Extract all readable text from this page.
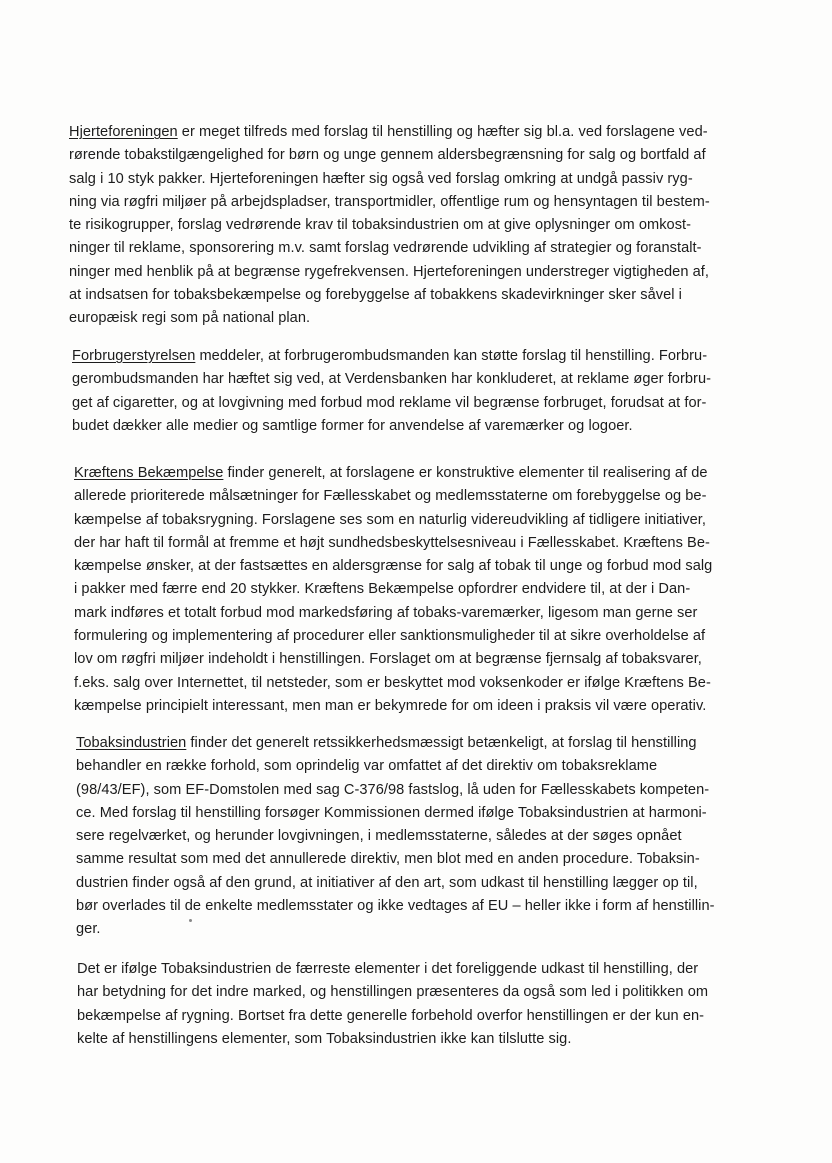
Hjerteforeningen er meget tilfreds med forslag til henstilling og hæfter sig bl.a. ved forslagene ved-
rørende tobakstilgængelighed for børn og unge gennem aldersbegrænsning for salg og bortfald af
salg i 10 styk pakker. Hjerteforeningen hæfter sig også ved forslag omkring at undgå passiv ryg-
ning via røgfri miljøer på arbejdspladser, transportmidler, offentlige rum og hensyntagen til bestem-
te risikogrupper, forslag vedrørende krav til tobaksindustrien om at give oplysninger om omkost-
ninger til reklame, sponsorering m.v. samt forslag vedrørende udvikling af strategier og foranstalt-
ninger med henblik på at begrænse rygefrekvensen. Hjerteforeningen understreger vigtigheden af,
at indsatsen for tobaksbekæmpelse og forebyggelse af tobakkens skadevirkninger sker såvel i
europæisk regi som på national plan.
Forbrugerstyrelsen meddeler, at forbrugerombudsmanden kan støtte forslag til henstilling. Forbru-
gerombudsmanden har hæftet sig ved, at Verdensbanken har konkluderet, at reklame øger forbru-
get af cigaretter, og at lovgivning med forbud mod reklame vil begrænse forbruget, forudsat at for-
budet dækker alle medier og samtlige former for anvendelse af varemærker og logoer.
Kræftens Bekæmpelse finder generelt, at forslagene er konstruktive elementer til realisering af de
allerede prioriterede målsætninger for Fællesskabet og medlemsstaterne om forebyggelse og be-
kæmpelse af tobaksrygning. Forslagene ses som en naturlig videreudvikling af tidligere initiativer,
der har haft til formål at fremme et højt sundhedsbeskyttelsesniveau i Fællesskabet. Kræftens Be-
kæmpelse ønsker, at der fastsættes en aldersgrænse for salg af tobak til unge og forbud mod salg
i pakker med færre end 20 stykker. Kræftens Bekæmpelse opfordrer endvidere til, at der i Dan-
mark indføres et totalt forbud mod markedsføring af tobaks-varemærker, ligesom man gerne ser
formulering og implementering af procedurer eller sanktionsmuligheder til at sikre overholdelse af
lov om røgfri miljøer indeholdt i henstillingen. Forslaget om at begrænse fjernsalg af tobaksvarer,
f.eks. salg over Internettet, til netsteder, som er beskyttet mod voksenkoder er ifølge Kræftens Be-
kæmpelse principielt interessant, men man er bekymrede for om ideen i praksis vil være operativ.
Tobaksindustrien finder det generelt retssikkerhedsmæssigt betænkeligt, at forslag til henstilling
behandler en række forhold, som oprindelig var omfattet af det direktiv om tobaksreklame
(98/43/EF), som EF-Domstolen med sag C-376/98 fastslog, lå uden for Fællesskabets kompeten-
ce. Med forslag til henstilling forsøger Kommissionen dermed ifølge Tobaksindustrien at harmoni-
sere regelværket, og herunder lovgivningen, i medlemsstaterne, således at der søges opnået
samme resultat som med det annullerede direktiv, men blot med en anden procedure. Tobaksin-
dustrien finder også af den grund, at initiativer af den art, som udkast til henstilling lægger op til,
bør overlades til de enkelte medlemsstater og ikke vedtages af EU – heller ikke i form af henstillin-
ger.
Det er ifølge Tobaksindustrien de færreste elementer i det foreliggende udkast til henstilling, der
har betydning for det indre marked, og henstillingen præsenteres da også som led i politikken om
bekæmpelse af rygning. Bortset fra dette generelle forbehold overfor henstillingen er der kun en-
kelte af henstillingens elementer, som Tobaksindustrien ikke kan tilslutte sig.
